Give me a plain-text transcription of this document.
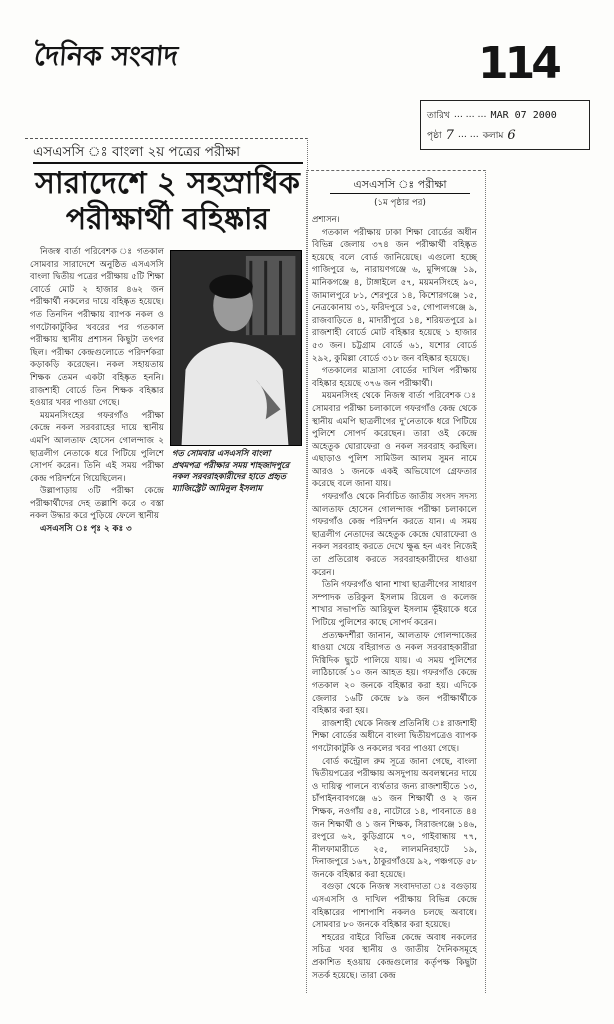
দৈনিক সংবাদ	114
তারিখ … … … MAR 07 2000
পৃষ্ঠা 7 … … কলাম 6
এসএসসি ঃ বাংলা ২য় পত্রের পরীক্ষা
সারাদেশে ২ সহস্রাধিক
পরীক্ষার্থী বহিষ্কার

নিজস্ব বার্তা পরিবেশক ঃ গতকাল সোমবার সারাদেশে অনুষ্ঠিত এসএসসি বাংলা দ্বিতীয় পত্রের পরীক্ষায় ৫টি শিক্ষা বোর্ডে মোট ২ হাজার ৪৬২ জন পরীক্ষার্থী নকলের দায়ে বহিষ্কৃত হয়েছে। গত তিনদিন পরীক্ষায় ব্যাপক নকল ও গণটোকাটুকির খবরের পর গতকাল পরীক্ষায় স্থানীয় প্রশাসন কিছুটা তৎপর ছিল। পরীক্ষা কেন্দ্রগুলোতে পরিদর্শকরা কড়াকড়ি করেছেন। নকল সহায়তায় শিক্ষক তেমন একটা বহিষ্কৃত হননি। রাজশাহী বোর্ডে তিন শিক্ষক বহিষ্কার হওয়ার খবর পাওয়া গেছে।

ময়মনসিংহের গফরগাঁও পরীক্ষা কেন্দ্রে নকল সরবরাহের দায়ে স্থানীয় এমপি আলতাফ হোসেন গোলন্দাজ ২ ছাত্রলীগ নেতাকে ধরে পিটিয়ে পুলিশে সোপর্দ করেন। তিনি এই সময় পরীক্ষা কেন্দ্র পরিদর্শনে গিয়েছিলেন।

উল্লাপাড়ায় ৩টি পরীক্ষা কেন্দ্রে পরীক্ষার্থীদের দেহ তল্লাশি করে ৩ বস্তা নকল উদ্ধার করে পুড়িয়ে ফেলে স্থানীয়

এসএসসি ঃ পৃঃ ২ কঃ ৩

গত সোমবার এসএসসি বাংলা প্রথমপত্র পরীক্ষার সময় শাহজাদপুরে নকল সরবরাহকারীদের হাতে প্রহৃত ম্যাজিস্ট্রেট আমিনুল ইসলাম
এসএসসি ঃ পরীক্ষা
(১ম পৃষ্ঠার পর)

প্রশাসন।

গতকাল পরীক্ষায় ঢাকা শিক্ষা বোর্ডের অধীন বিভিন্ন জেলায় ৩৭৪ জন পরীক্ষার্থী বহিষ্কৃত হয়েছে বলে বোর্ড জানিয়েছে। এগুলো হচ্ছে গাজিপুরে ৬, নারায়ণগঞ্জে ৬, মুন্সিগঞ্জে ১৯, মানিকগঞ্জে ৪, টাঙ্গাইলে ৫৭, ময়মনসিংহে ৯০, জামালপুরে ৮১, শেরপুরে ১৪, কিশোরগঞ্জে ১৫, নেত্রকোনায় ৩১, ফরিদপুরে ১৫, গোপালগঞ্জে ৯, রাজবাড়িতে ৪, মাদারীপুরে ১৪, শরিয়তপুরে ৯। রাজশাহী বোর্ডে মোট বহিষ্কার হয়েছে ১ হাজার ৫৩ জন। চট্টগ্রাম বোর্ডে ৬১, যশোর বোর্ডে ২৯২, কুমিল্লা বোর্ডে ৩১৮ জন বহিষ্কার হয়েছে।

গতকালের মাদ্রাসা বোর্ডের দাখিল পরীক্ষায় বহিষ্কার হয়েছে ৩৭৬ জন পরীক্ষার্থী।

ময়মনসিংহ থেকে নিজস্ব বার্তা পরিবেশক ঃ সোমবার পরীক্ষা চলাকালে গফরগাঁও কেন্দ্র থেকে স্থানীয় এমপি ছাত্রলীগের দু'নেতাকে ধরে পিটিয়ে পুলিশে সোপর্দ করেছেন। তারা ওই কেন্দ্রে অহেতুক ঘোরাফেরা ও নকল সরবরাহ করছিল। এছাড়াও পুলিশ সামিউল আলম সুমন নামে আরও ১ জনকে একই অভিযোগে গ্রেফতার করেছে বলে জানা যায়।

গফরগাঁও থেকে নির্বাচিত জাতীয় সংসদ সদস্য আলতাফ হোসেন গোলন্দাজ পরীক্ষা চলাকালে গফরগাঁও কেন্দ্র পরিদর্শন করতে যান। এ সময় ছাত্রলীগ নেতাদের অহেতুক কেন্দ্রে ঘোরাফেরা ও নকল সরবরাহ করতে দেখে ক্ষুব্ধ হন এবং নিজেই তা প্রতিরোধ করতে সরবরাহকারীদের ধাওয়া করেন।

তিনি গফরগাঁও থানা শাখা ছাত্রলীগের সাধারণ সম্পাদক তরিকুল ইসলাম রিয়েল ও কলেজ শাখার সভাপতি আরিফুল ইসলাম ভূঁইয়াকে ধরে পিটিয়ে পুলিশের কাছে সোপর্দ করেন।

প্রত্যক্ষদর্শীরা জানান, আলতাফ গোলন্দাজের ধাওয়া খেয়ে বহিরাগত ও নকল সরবরাহকারীরা দিগ্বিদিক ছুটে পালিয়ে যায়। এ সময় পুলিশের লাঠিচার্জে ১০ জন আহত হয়। গফরগাঁও কেন্দ্রে গতকাল ২০ জনকে বহিষ্কার করা হয়। এদিকে জেলার ১৬টি কেন্দ্রে ৮৯ জন পরীক্ষার্থীকে বহিষ্কার করা হয়।

রাজশাহী থেকে নিজস্ব প্রতিনিধি ঃ রাজশাহী শিক্ষা বোর্ডের অধীনে বাংলা দ্বিতীয়পত্রেও ব্যাপক গণটোকাটুকি ও নকলের খবর পাওয়া গেছে।

বোর্ড কন্ট্রোল রুম সূত্রে জানা গেছে, বাংলা দ্বিতীয়পত্রের পরীক্ষায় অসদুপায় অবলম্বনের দায়ে ও দায়িত্ব পালনে ব্যর্থতার জন্য রাজশাহীতে ১৩, চাঁপাইনবাবগঞ্জে ৬১ জন শিক্ষার্থী ও ২ জন শিক্ষক, নওগাঁয় ৫৪, নাটোরে ১৪, পাবনাতে ৪৪ জন শিক্ষার্থী ও ১ জন শিক্ষক, সিরাজগঞ্জে ১৪৬, রংপুরে ৬২, কুড়িগ্রামে ৭০, গাইবান্ধায় ৭৭, নীলফামারীতে ২৫, লালমনিরহাটে ১৯, দিনাজপুরে ১৬৭, ঠাকুরগাঁওয়ে ৯২, পঞ্চগড়ে ৫৮ জনকে বহিষ্কার করা হয়েছে।

বগুড়া থেকে নিজস্ব সংবাদদাতা ঃ বগুড়ায় এসএসসি ও দাখিল পরীক্ষায় বিভিন্ন কেন্দ্রে বহিষ্কারের পাশাপাশি নকলও চলছে অবাধে। সোমবার ৮০ জনকে বহিষ্কার করা হয়েছে।

শহরের বাইরে বিভিন্ন কেন্দ্রে অবাধ নকলের সচিত্র খবর স্থানীয় ও জাতীয় দৈনিকসমূহে প্রকাশিত হওয়ায় কেন্দ্রগুলোর কর্তৃপক্ষ কিছুটা সতর্ক হয়েছে। তারা কেন্দ্র
